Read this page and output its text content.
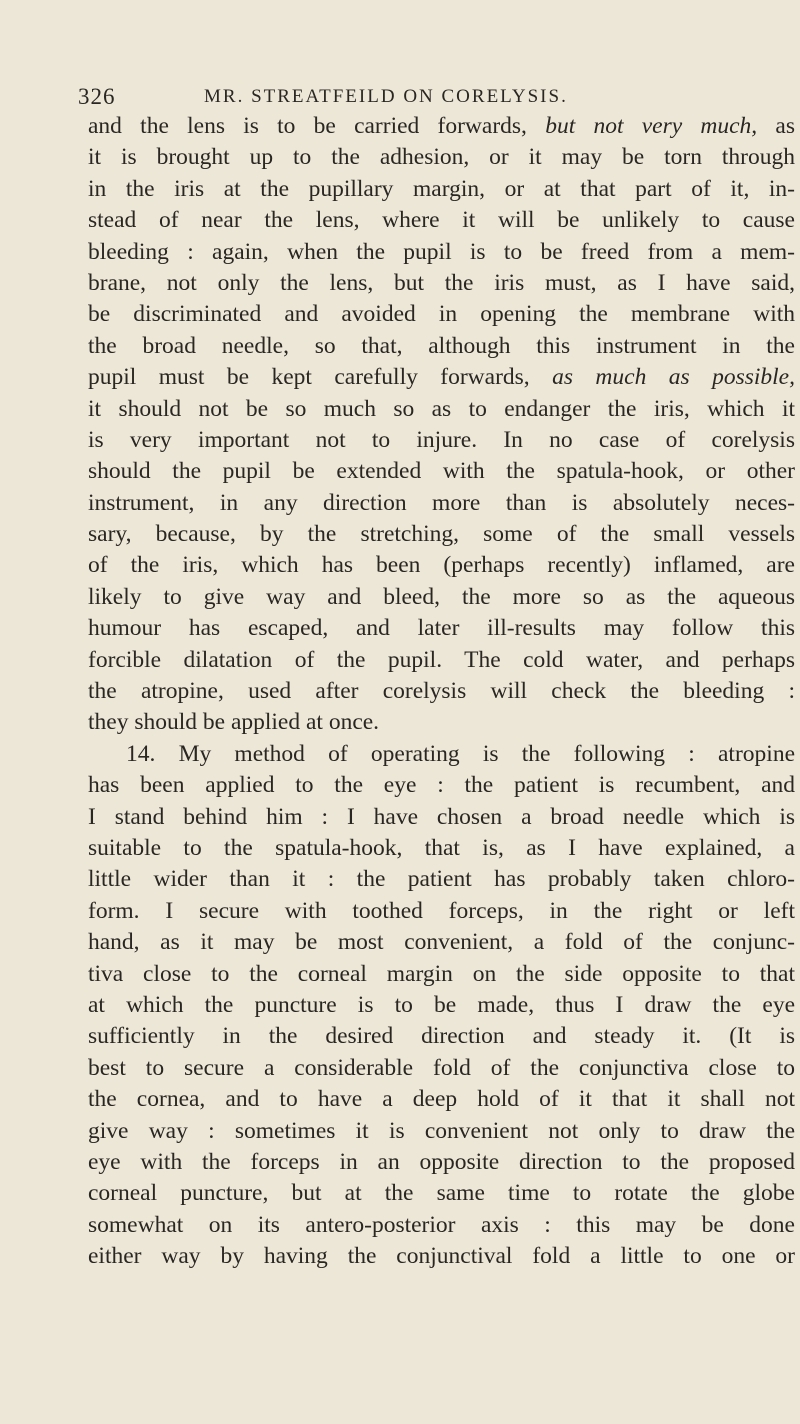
326	MR. STREATFEILD ON CORELYSIS.
and the lens is to be carried forwards, but not very much, as
it is brought up to the adhesion, or it may be torn through
in the iris at the pupillary margin, or at that part of it, in-
stead of near the lens, where it will be unlikely to cause
bleeding : again, when the pupil is to be freed from a mem-
brane, not only the lens, but the iris must, as I have said,
be discriminated and avoided in opening the membrane with
the broad needle, so that, although this instrument in the
pupil must be kept carefully forwards, as much as possible,
it should not be so much so as to endanger the iris, which it
is very important not to injure. In no case of corelysis
should the pupil be extended with the spatula-hook, or other
instrument, in any direction more than is absolutely neces-
sary, because, by the stretching, some of the small vessels
of the iris, which has been (perhaps recently) inflamed, are
likely to give way and bleed, the more so as the aqueous
humour has escaped, and later ill-results may follow this
forcible dilatation of the pupil. The cold water, and perhaps
the atropine, used after corelysis will check the bleeding :
they should be applied at once.
14. My method of operating is the following : atropine
has been applied to the eye : the patient is recumbent, and
I stand behind him : I have chosen a broad needle which is
suitable to the spatula-hook, that is, as I have explained, a
little wider than it : the patient has probably taken chloro-
form. I secure with toothed forceps, in the right or left
hand, as it may be most convenient, a fold of the conjunc-
tiva close to the corneal margin on the side opposite to that
at which the puncture is to be made, thus I draw the eye
sufficiently in the desired direction and steady it. (It is
best to secure a considerable fold of the conjunctiva close to
the cornea, and to have a deep hold of it that it shall not
give way : sometimes it is convenient not only to draw the
eye with the forceps in an opposite direction to the proposed
corneal puncture, but at the same time to rotate the globe
somewhat on its antero-posterior axis : this may be done
either way by having the conjunctival fold a little to one or
